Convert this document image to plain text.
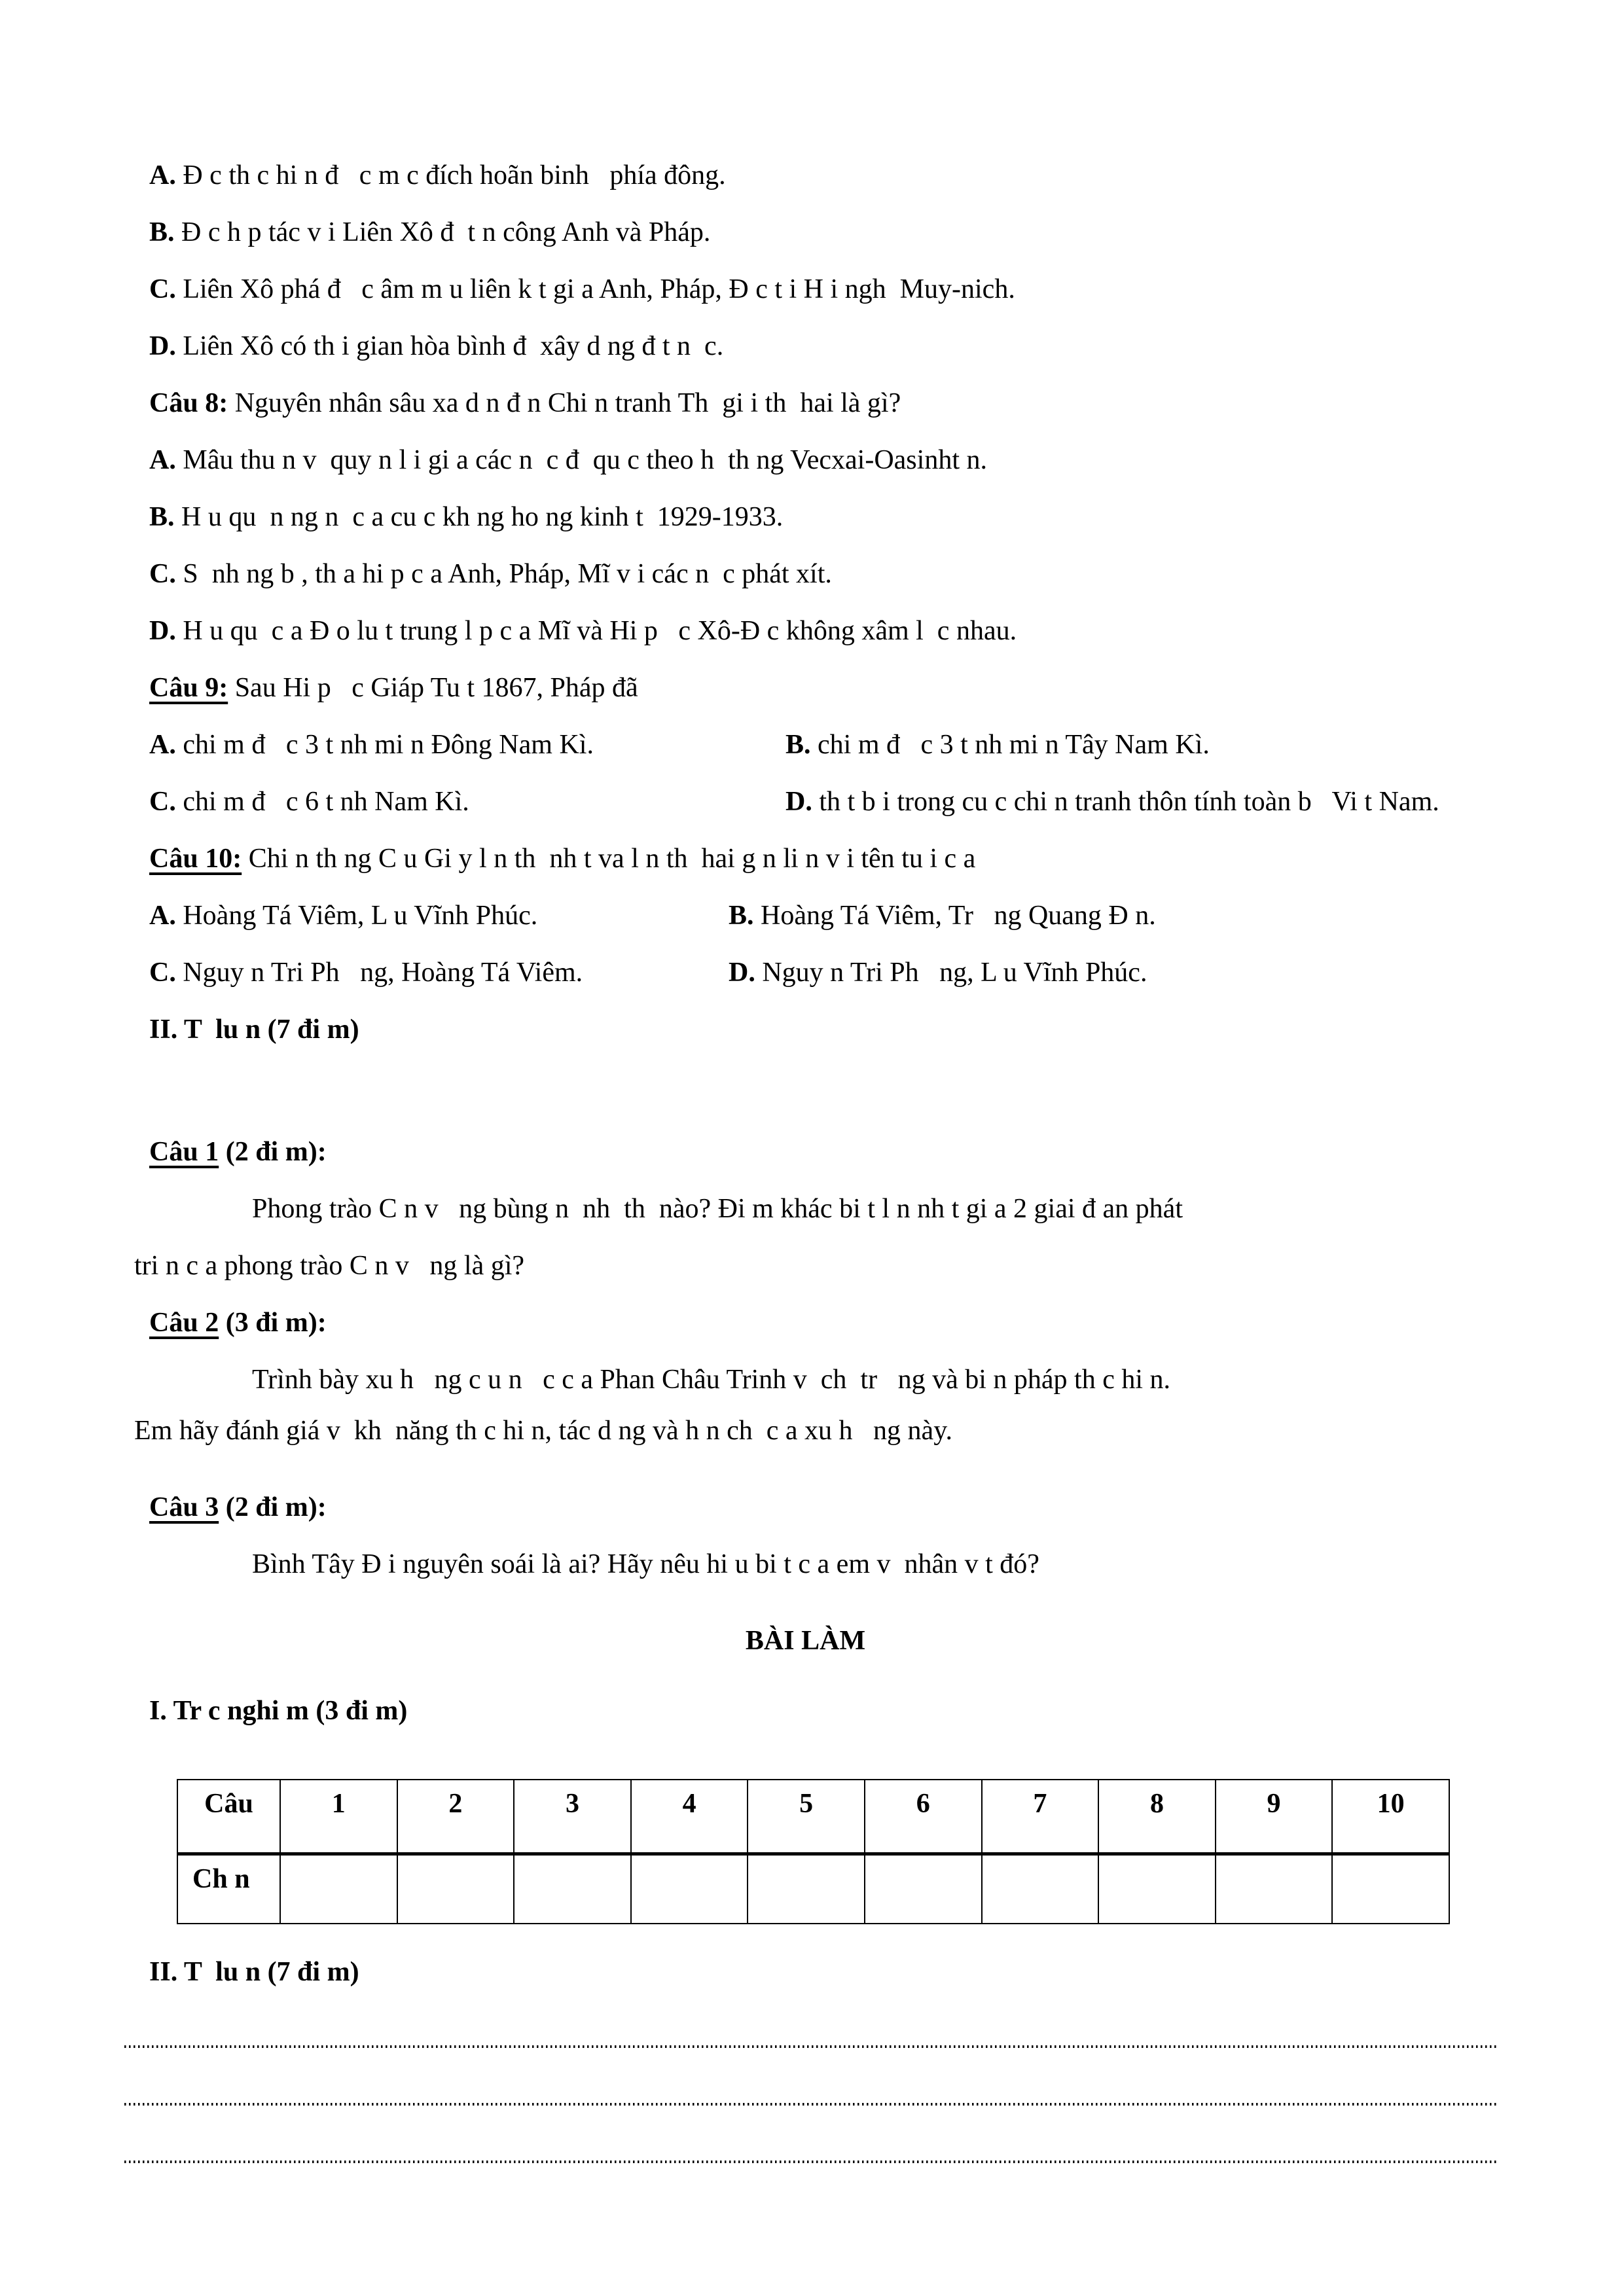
A. Đ c th c hi n đ   c m c đích hoãn binh   phía đông.
B. Đ c h p tác v i Liên Xô đ  t n công Anh và Pháp.
C. Liên Xô phá đ   c âm m u liên k t gi a Anh, Pháp, Đ c t i H i ngh  Muy-nich.
D. Liên Xô có th i gian hòa bình đ  xây d ng đ t n  c.
Câu 8: Nguyên nhân sâu xa d n đ n Chi n tranh Th  gi i th  hai là gì?
A. Mâu thu n v  quy n l i gi a các n  c đ  qu c theo h  th ng Vecxai-Oasinht n.
B. H u qu  n ng n  c a cu c kh ng ho ng kinh t  1929-1933.
C. S  nh ng b , th a hi p c a Anh, Pháp, Mĩ v i các n  c phát xít.
D. H u qu  c a Đ o lu t trung l p c a Mĩ và Hi p   c Xô-Đ c không xâm l  c nhau.
Câu 9: Sau Hi p   c Giáp Tu t 1867, Pháp đã
A. chi m đ   c 3 t nh mi n Đông Nam Kì.	B. chi m đ   c 3 t nh mi n Tây Nam Kì.
C. chi m đ   c 6 t nh Nam Kì.	D. th t b i trong cu c chi n tranh thôn tính toàn b   Vi t Nam.
Câu 10: Chi n th ng C u Gi y l n th  nh t va l n th  hai g n li n v i tên tu i c a
A. Hoàng Tá Viêm, L u Vĩnh Phúc.	B. Hoàng Tá Viêm, Tr   ng Quang Đ n.
C. Nguy n Tri Ph   ng, Hoàng Tá Viêm.	D. Nguy n Tri Ph   ng, L u Vĩnh Phúc.
II. T  lu n (7 đi m)
Câu 1 (2 đi m):
Phong trào C n v   ng bùng n  nh  th  nào? Đi m khác bi t l n nh t gi a 2 giai đ an phát
tri n c a phong trào C n v   ng là gì?
Câu 2 (3 đi m):
Trình bày xu h   ng c u n   c c a Phan Châu Trinh v  ch  tr   ng và bi n pháp th c hi n.
Em hãy đánh giá v  kh  năng th c hi n, tác d ng và h n ch  c a xu h   ng này.
Câu 3 (2 đi m):
Bình Tây Đ i nguyên soái là ai? Hãy nêu hi u bi t c a em v  nhân v t đó?
BÀI LÀM
I. Tr c nghi m (3 đi m)
Câu	1	2	3	4	5	6	7	8	9	10
Ch n										
II. T  lu n (7 đi m)
